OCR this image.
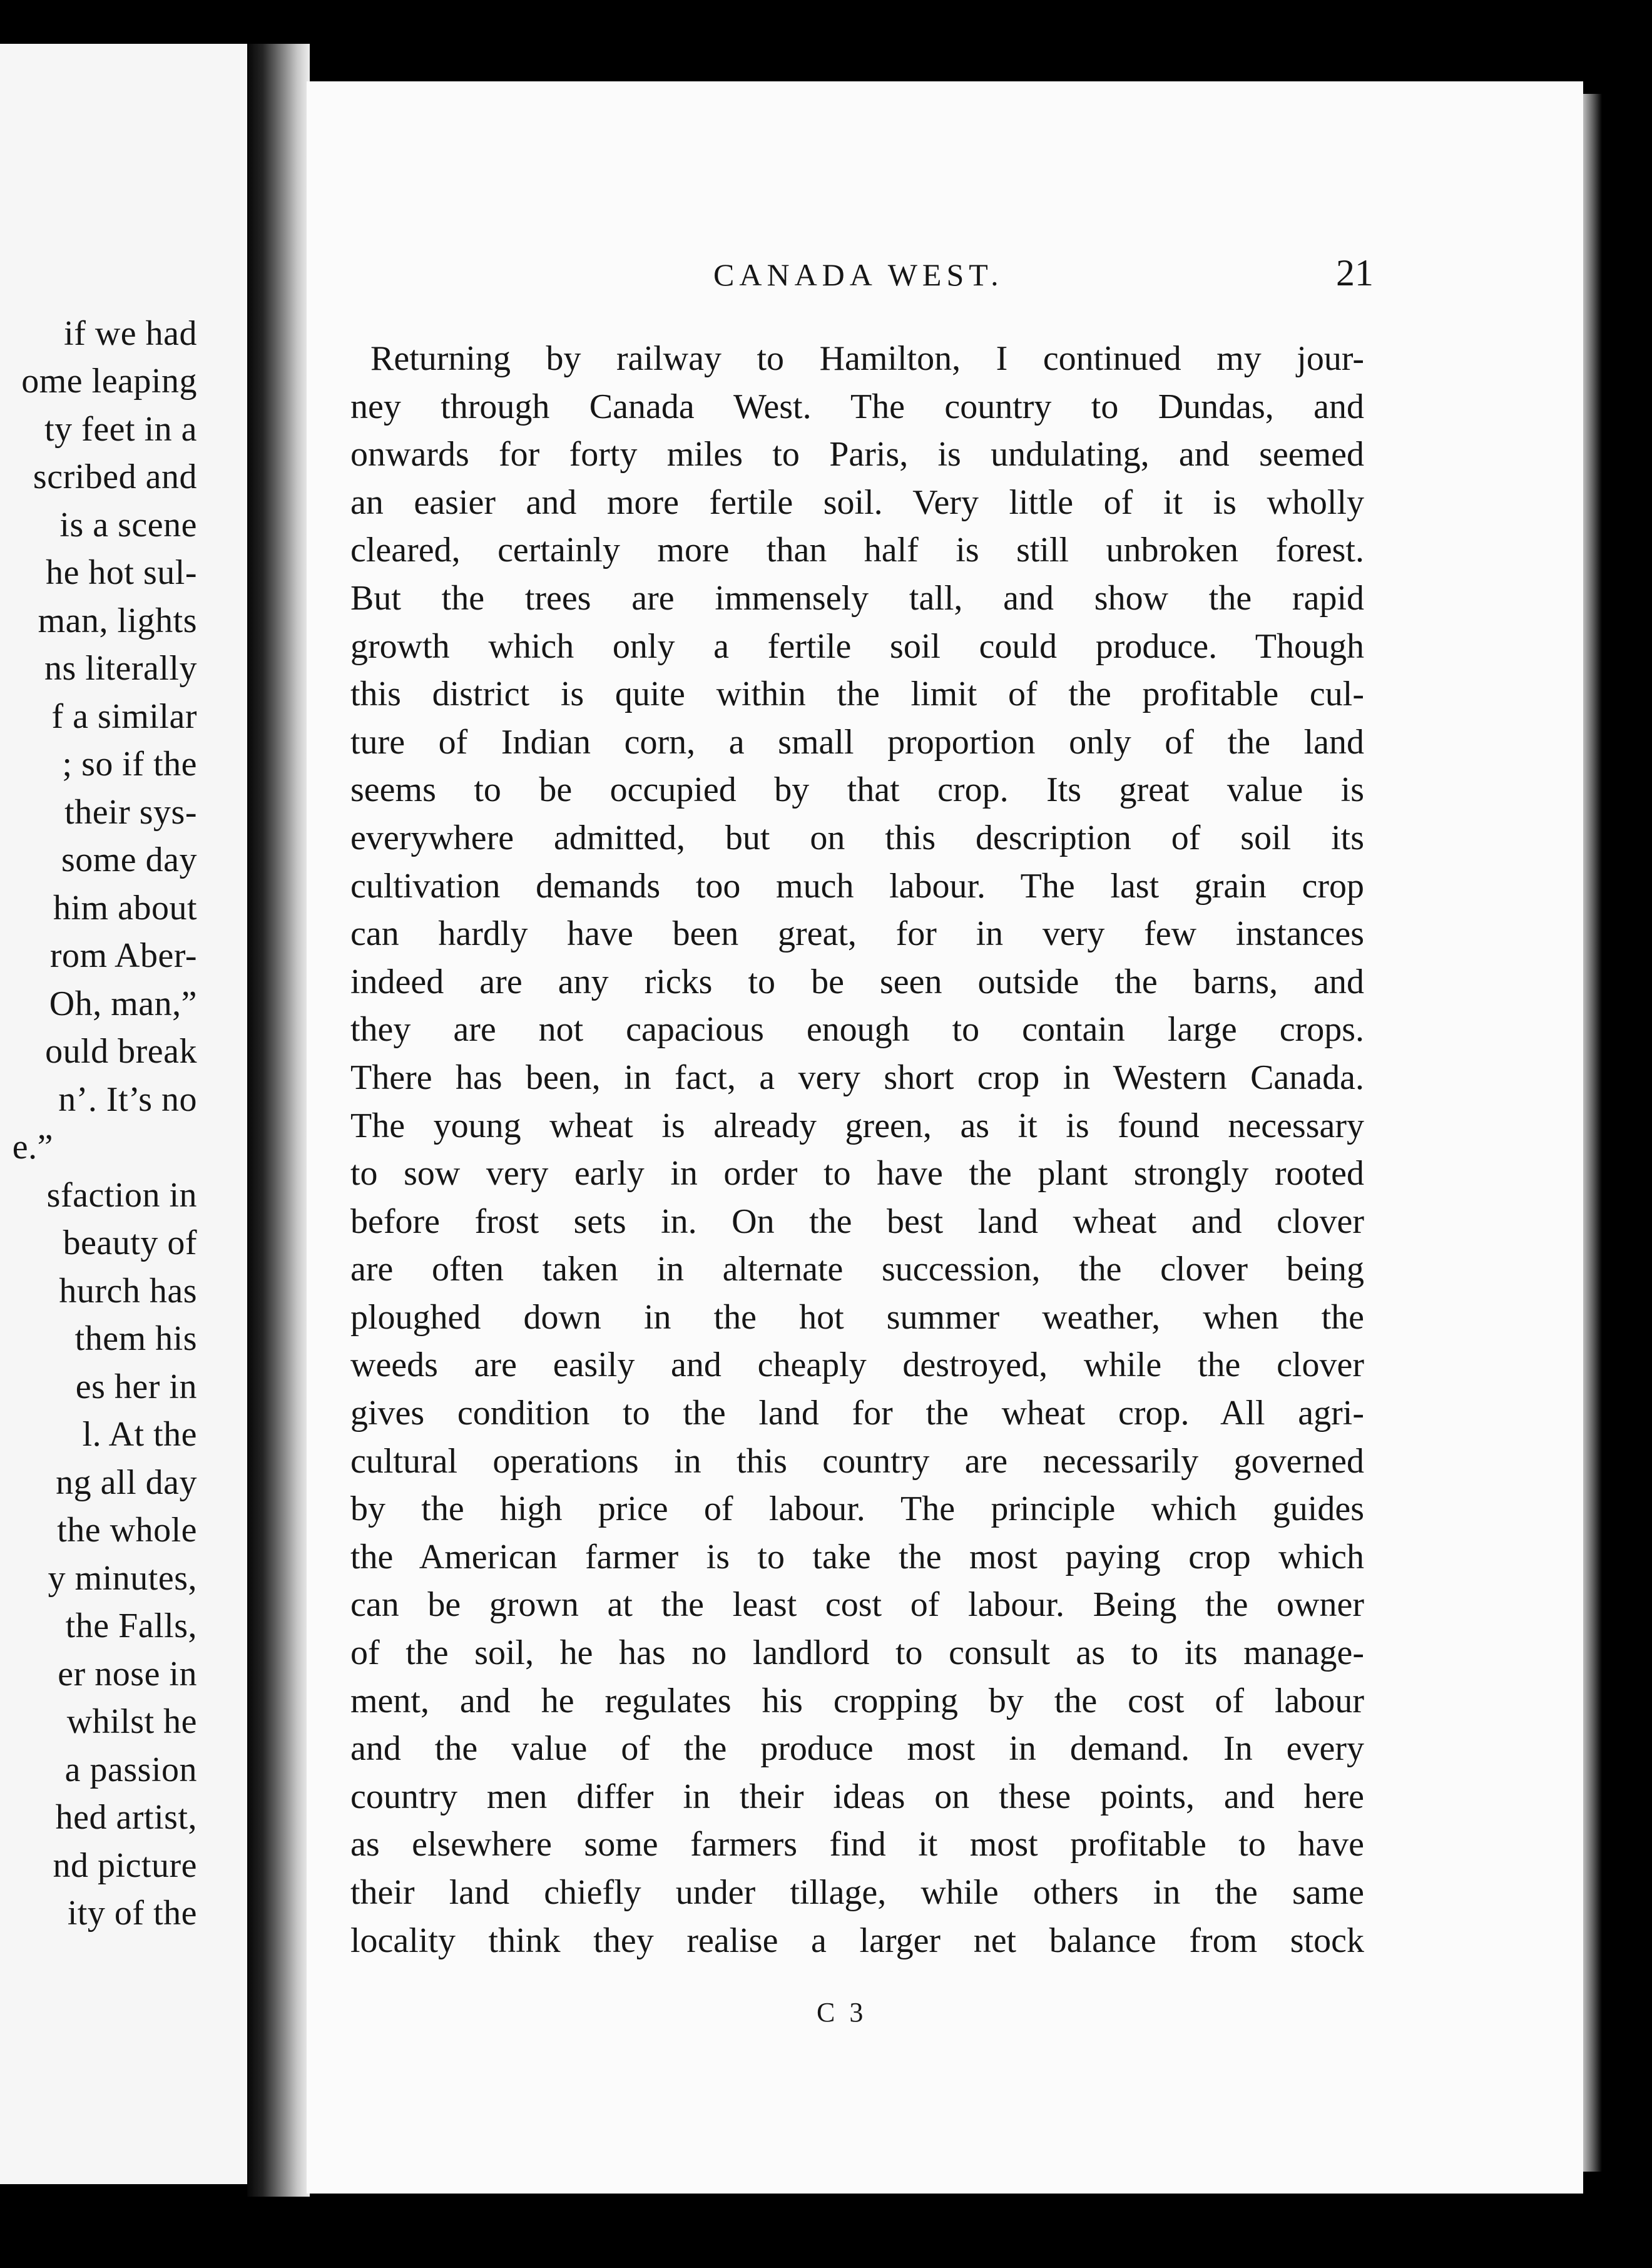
if we had
ome leaping
ty feet in a
scribed and
is a scene
he hot sul-
man, lights
ns literally
f a similar
; so if the
their sys-
some day
him about
rom Aber-
Oh, man,”
ould break
n’. It’s no
e.”
sfaction in
beauty of
hurch has
them his
es her in
l. At the
ng all day
the whole
y minutes,
the Falls,
er nose in
whilst he
a passion
hed artist,
nd picture
ity of the
CANADA WEST.	21
Returning by railway to Hamilton, I continued my jour-
ney through Canada West. The country to Dundas, and
onwards for forty miles to Paris, is undulating, and seemed
an easier and more fertile soil. Very little of it is wholly
cleared, certainly more than half is still unbroken forest.
But the trees are immensely tall, and show the rapid
growth which only a fertile soil could produce. Though
this district is quite within the limit of the profitable cul-
ture of Indian corn, a small proportion only of the land
seems to be occupied by that crop. Its great value is
everywhere admitted, but on this description of soil its
cultivation demands too much labour. The last grain crop
can hardly have been great, for in very few instances
indeed are any ricks to be seen outside the barns, and
they are not capacious enough to contain large crops.
There has been, in fact, a very short crop in Western Canada.
The young wheat is already green, as it is found necessary
to sow very early in order to have the plant strongly rooted
before frost sets in. On the best land wheat and clover
are often taken in alternate succession, the clover being
ploughed down in the hot summer weather, when the
weeds are easily and cheaply destroyed, while the clover
gives condition to the land for the wheat crop. All agri-
cultural operations in this country are necessarily governed
by the high price of labour. The principle which guides
the American farmer is to take the most paying crop which
can be grown at the least cost of labour. Being the owner
of the soil, he has no landlord to consult as to its manage-
ment, and he regulates his cropping by the cost of labour
and the value of the produce most in demand. In every
country men differ in their ideas on these points, and here
as elsewhere some farmers find it most profitable to have
their land chiefly under tillage, while others in the same
locality think they realise a larger net balance from stock
C 3
